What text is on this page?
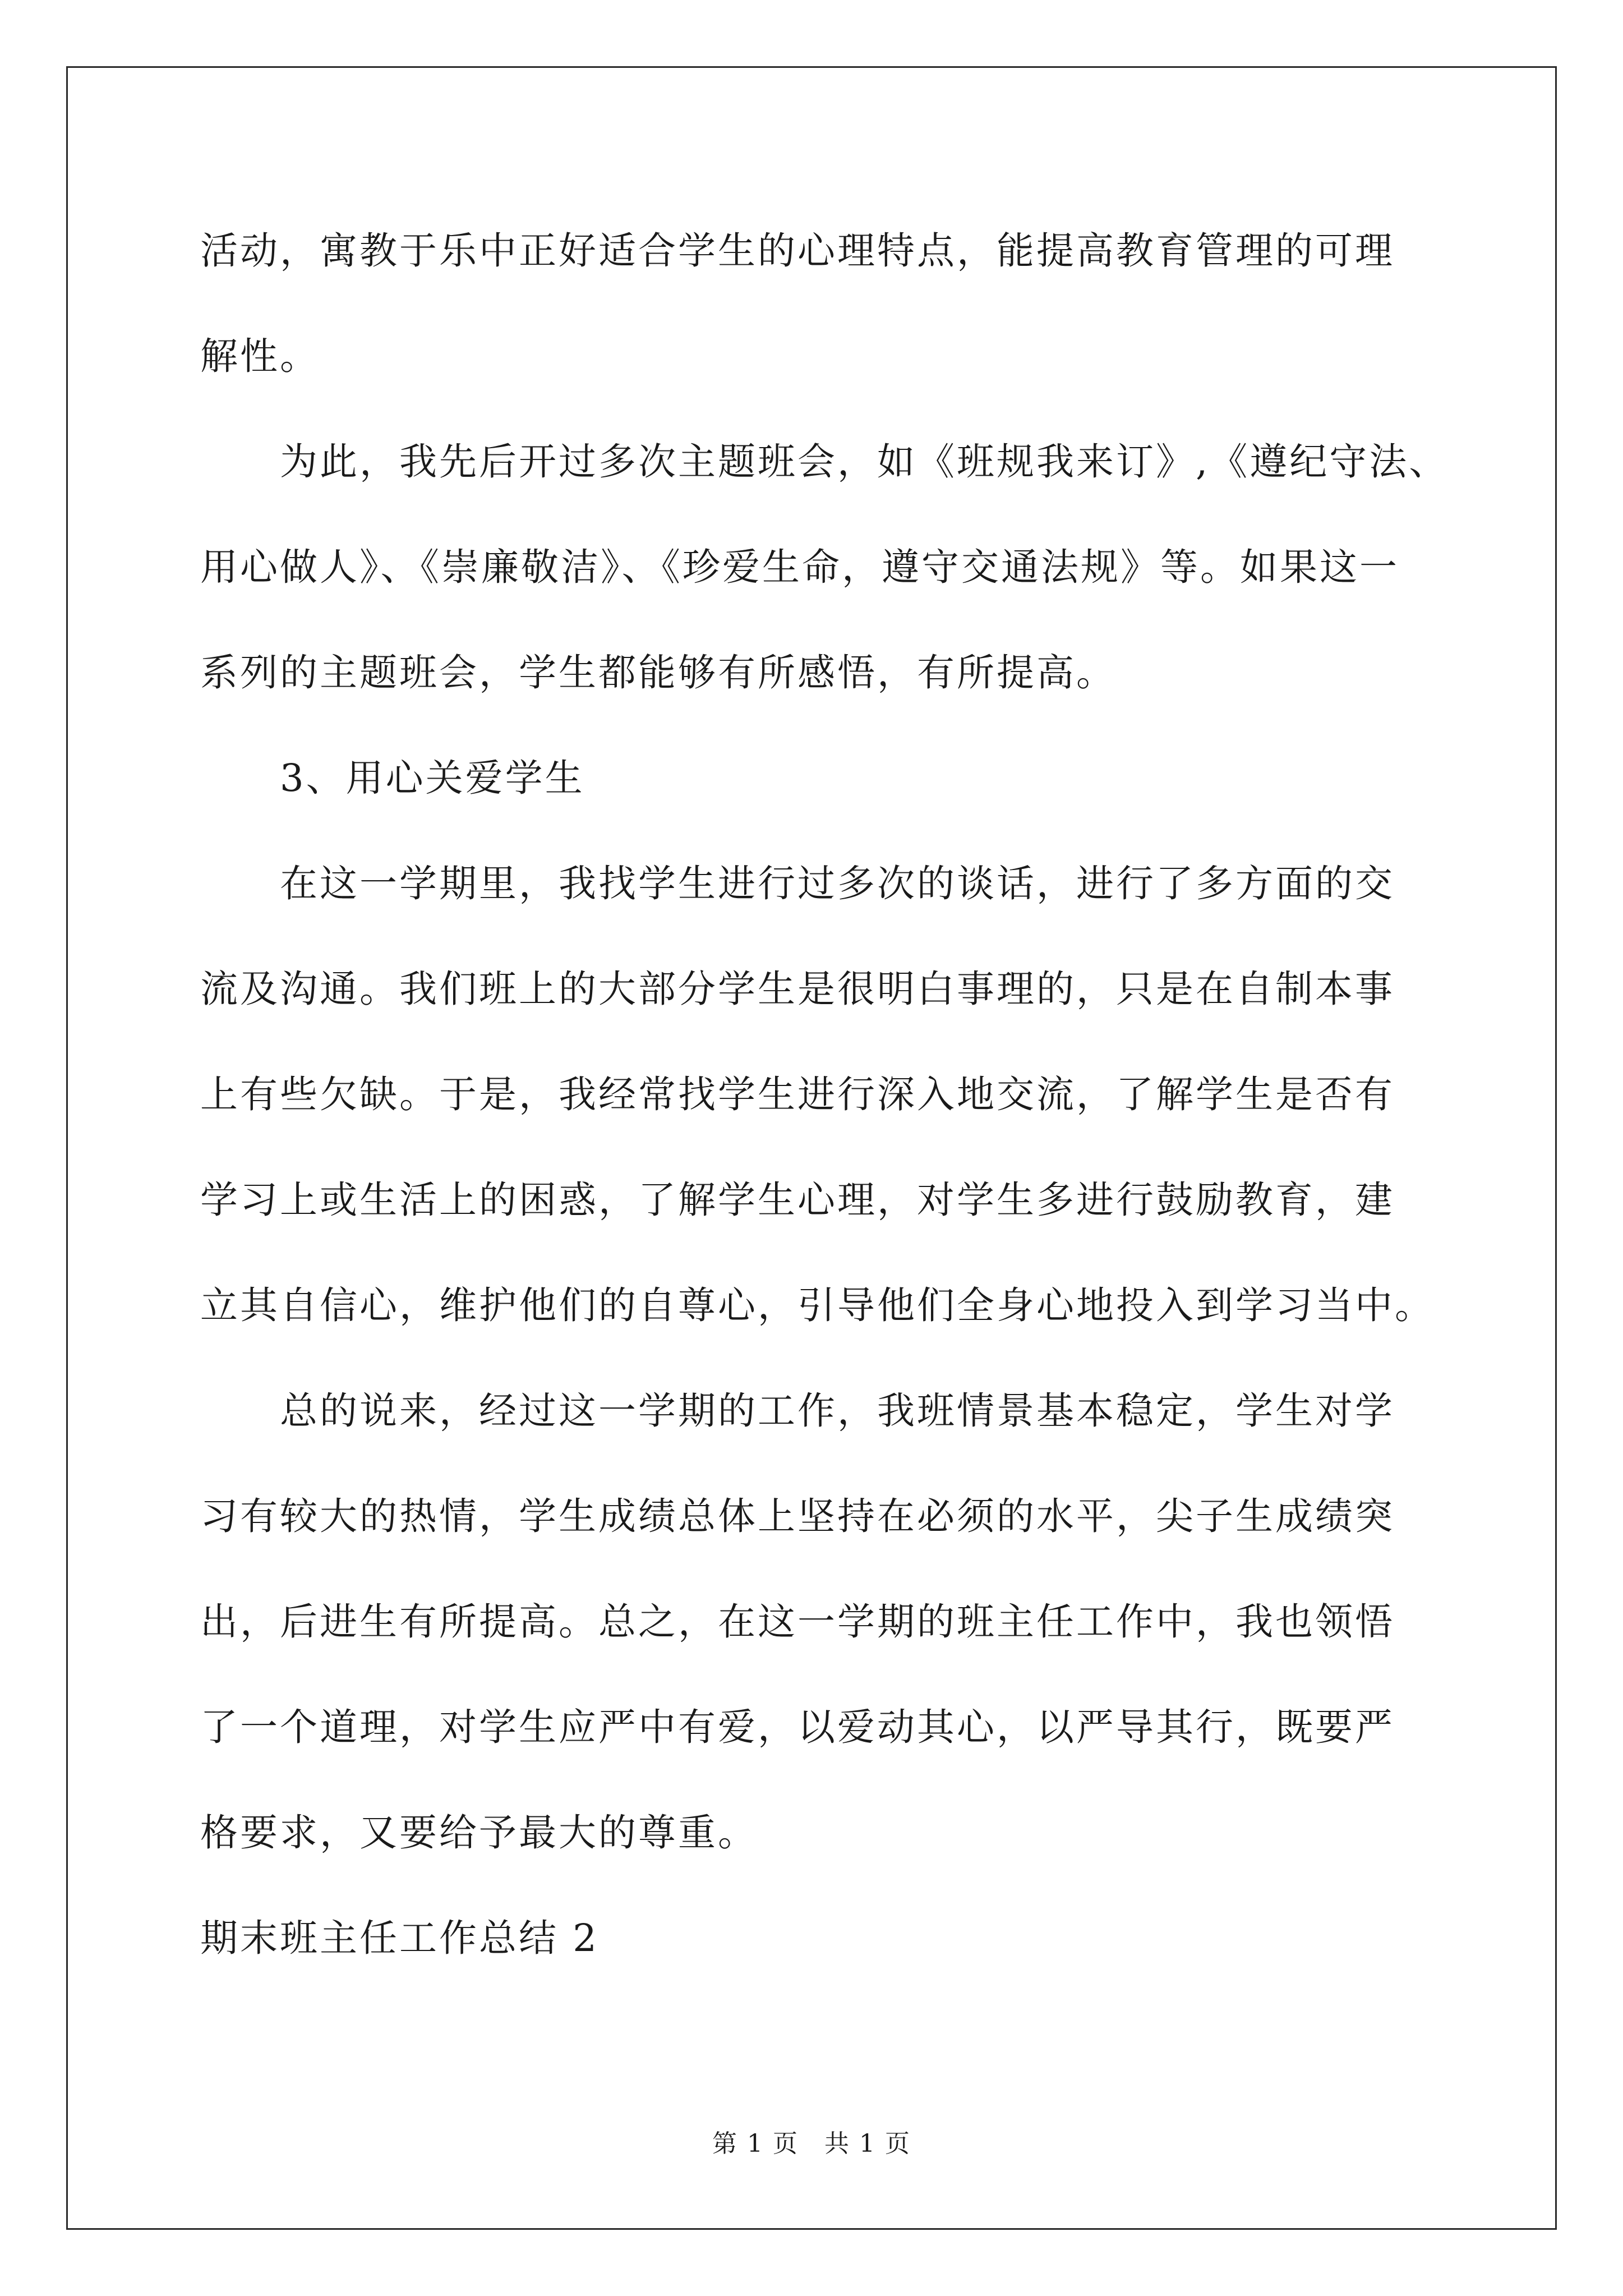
活动，寓教于乐中正好适合学生的心理特点，能提高教育管理的可理
解性。
为此，我先后开过多次主题班会，如《班规我来订》,《遵纪守法、
用心做人》、《崇廉敬洁》、《珍爱生命，遵守交通法规》等。如果这一
系列的主题班会，学生都能够有所感悟，有所提高。
3、用心关爱学生
在这一学期里，我找学生进行过多次的谈话，进行了多方面的交
流及沟通。我们班上的大部分学生是很明白事理的，只是在自制本事
上有些欠缺。于是，我经常找学生进行深入地交流，了解学生是否有
学习上或生活上的困惑，了解学生心理，对学生多进行鼓励教育，建
立其自信心，维护他们的自尊心，引导他们全身心地投入到学习当中。
总的说来，经过这一学期的工作，我班情景基本稳定，学生对学
习有较大的热情，学生成绩总体上坚持在必须的水平，尖子生成绩突
出，后进生有所提高。总之，在这一学期的班主任工作中，我也领悟
了一个道理，对学生应严中有爱，以爱动其心，以严导其行，既要严
格要求，又要给予最大的尊重。
期末班主任工作总结 2
第 1 页　共 1 页
